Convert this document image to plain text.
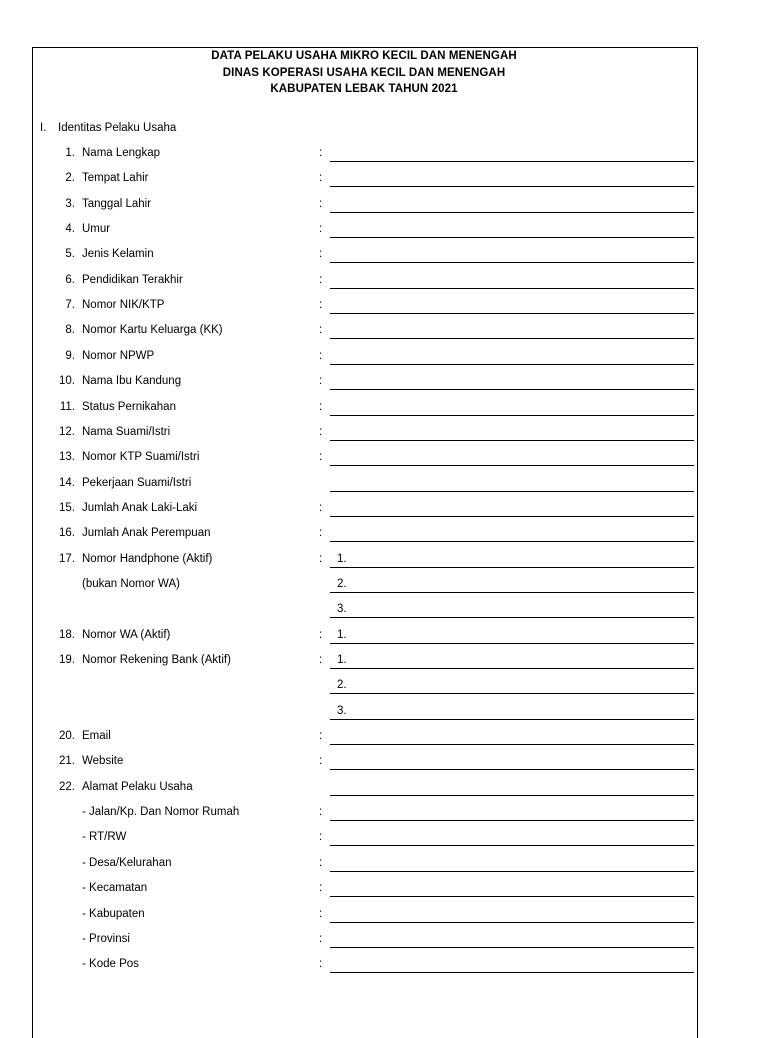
DATA PELAKU USAHA MIKRO KECIL DAN MENENGAH
DINAS KOPERASI USAHA KECIL DAN MENENGAH
KABUPATEN LEBAK TAHUN 2021
I. Identitas Pelaku Usaha
1. Nama Lengkap	:
2. Tempat Lahir	:
3. Tanggal Lahir	:
4. Umur	:
5. Jenis Kelamin	:
6. Pendidikan Terakhir	:
7. Nomor NIK/KTP	:
8. Nomor Kartu Keluarga (KK)	:
9. Nomor NPWP	:
10. Nama Ibu Kandung	:
11. Status Pernikahan	:
12. Nama Suami/Istri	:
13. Nomor KTP Suami/Istri	:
14. Pekerjaan Suami/Istri
15. Jumlah Anak Laki-Laki	:
16. Jumlah Anak Perempuan	:
17. Nomor Handphone (Aktif)	: 1.
(bukan Nomor WA)	2.
3.
18. Nomor WA (Aktif)	: 1.
19. Nomor Rekening Bank (Aktif)	: 1.
2.
3.
20. Email	:
21. Website	:
22. Alamat Pelaku Usaha
- Jalan/Kp. Dan Nomor Rumah	:
- RT/RW	:
- Desa/Kelurahan	:
- Kecamatan	:
- Kabupaten	:
- Provinsi	:
- Kode Pos	:
